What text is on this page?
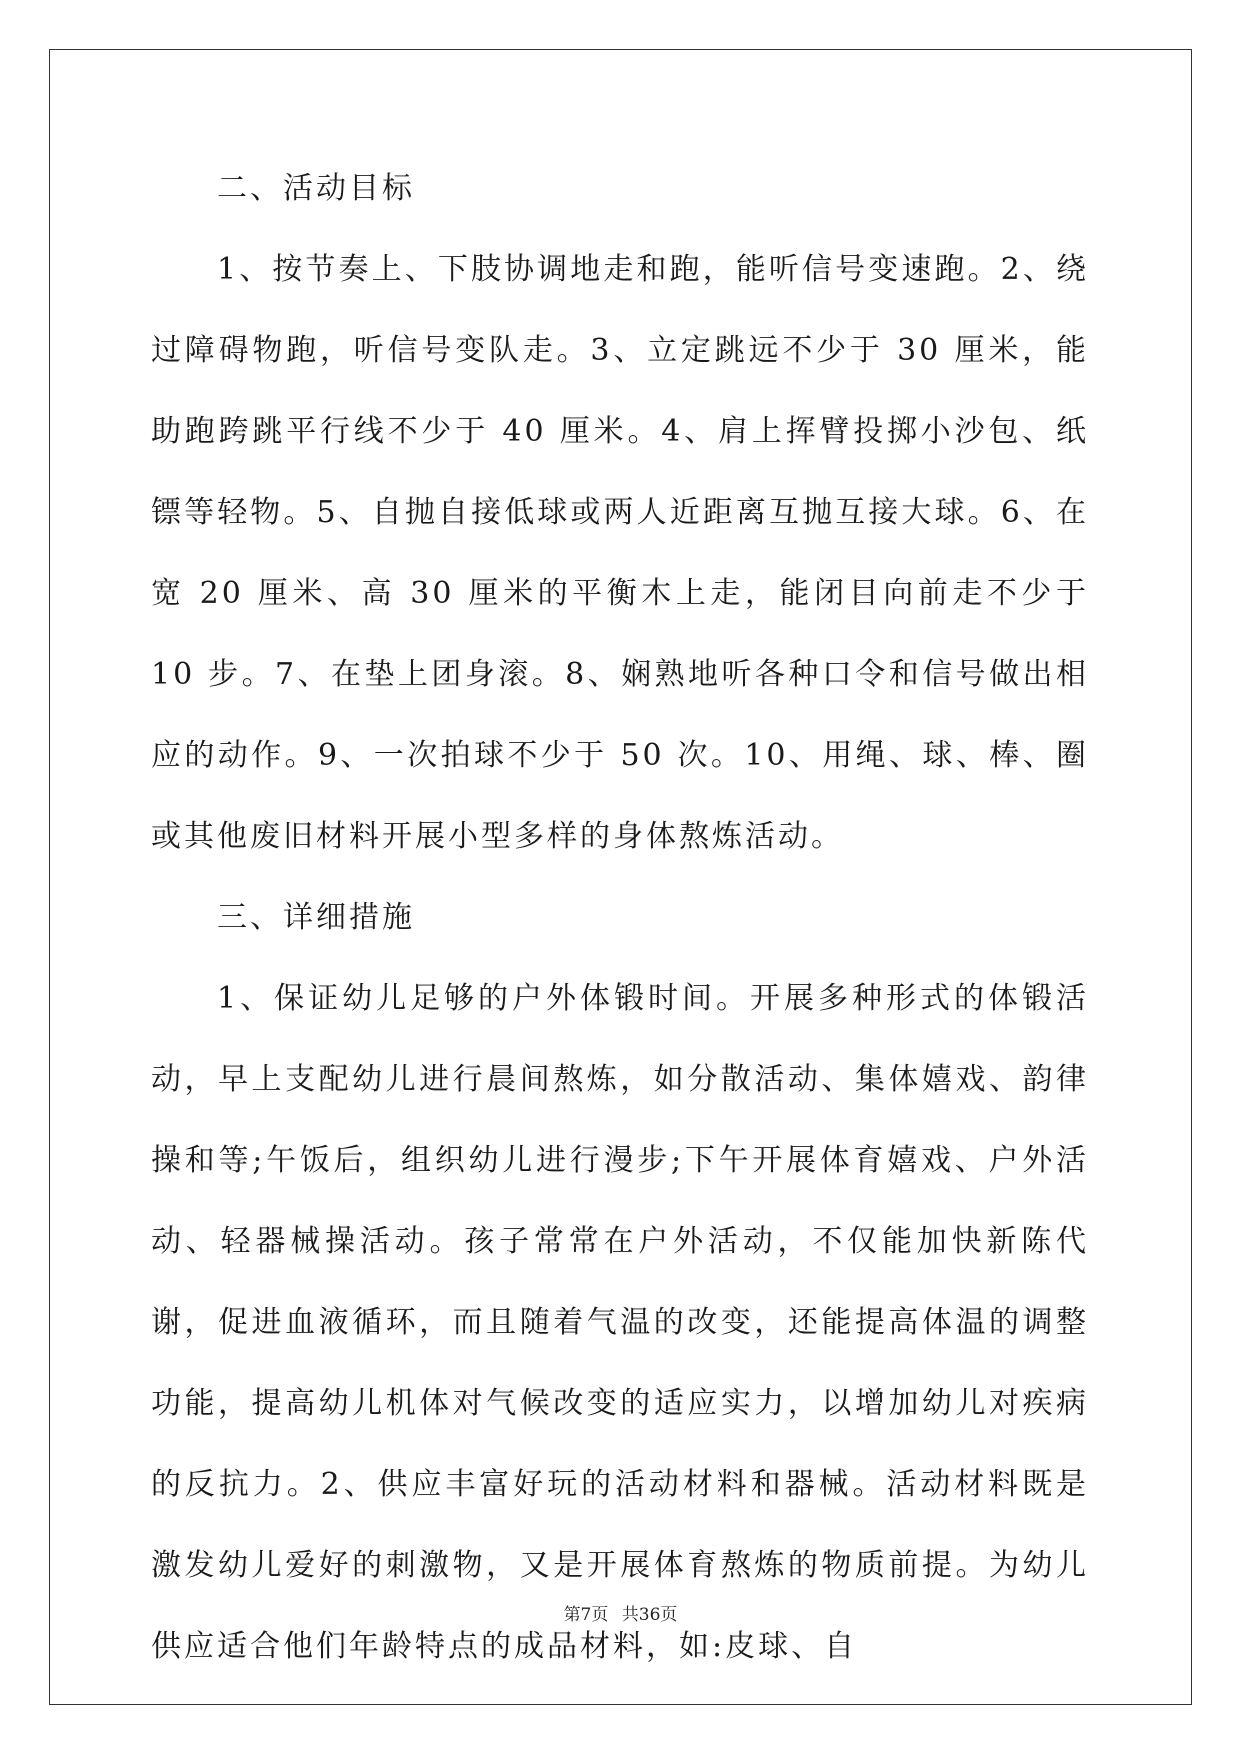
二、活动目标

1、按节奏上、下肢协调地走和跑，能听信号变速跑。2、绕过障碍物跑，听信号变队走。3、立定跳远不少于 30 厘米，能助跑跨跳平行线不少于 40 厘米。4、肩上挥臂投掷小沙包、纸镖等轻物。5、自抛自接低球或两人近距离互抛互接大球。6、在宽 20 厘米、高 30 厘米的平衡木上走，能闭目向前走不少于 10 步。7、在垫上团身滚。8、娴熟地听各种口令和信号做出相应的动作。9、一次拍球不少于 50 次。10、用绳、球、棒、圈或其他废旧材料开展小型多样的身体熬炼活动。

三、详细措施

1、保证幼儿足够的户外体锻时间。开展多种形式的体锻活动，早上支配幼儿进行晨间熬炼，如分散活动、集体嬉戏、韵律操和等;午饭后，组织幼儿进行漫步;下午开展体育嬉戏、户外活动、轻器械操活动。孩子常常在户外活动，不仅能加快新陈代谢，促进血液循环，而且随着气温的改变，还能提高体温的调整功能，提高幼儿机体对气候改变的适应实力，以增加幼儿对疾病的反抗力。2、供应丰富好玩的活动材料和器械。活动材料既是激发幼儿爱好的刺激物，又是开展体育熬炼的物质前提。为幼儿供应适合他们年龄特点的成品材料，如:皮球、自

第7页 共36页
